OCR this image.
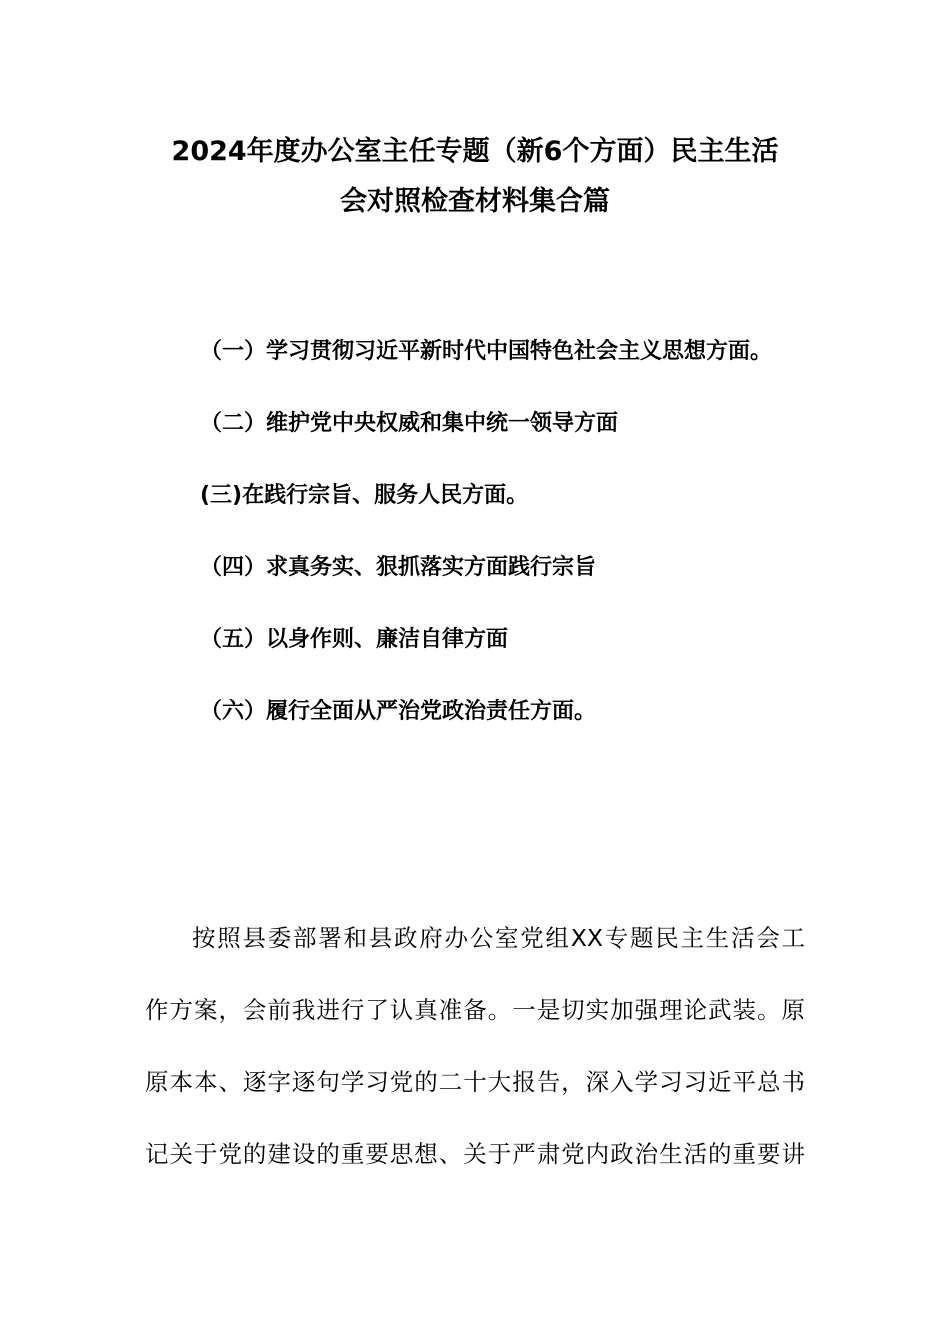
2024年度办公室主任专题（新6个方面）民主生活
会对照检查材料集合篇
（一）学习贯彻习近平新时代中国特色社会主义思想方面。
（二）维护党中央权威和集中统一领导方面
(三)在践行宗旨、服务人民方面。
（四）求真务实、狠抓落实方面践行宗旨
（五）以身作则、廉洁自律方面
（六）履行全面从严治党政治责任方面。
按照县委部署和县政府办公室党组XX专题民主生活会工
作方案，会前我进行了认真准备。一是切实加强理论武装。原
原本本、逐字逐句学习党的二十大报告，深入学习习近平总书
记关于党的建设的重要思想、关于严肃党内政治生活的重要讲
